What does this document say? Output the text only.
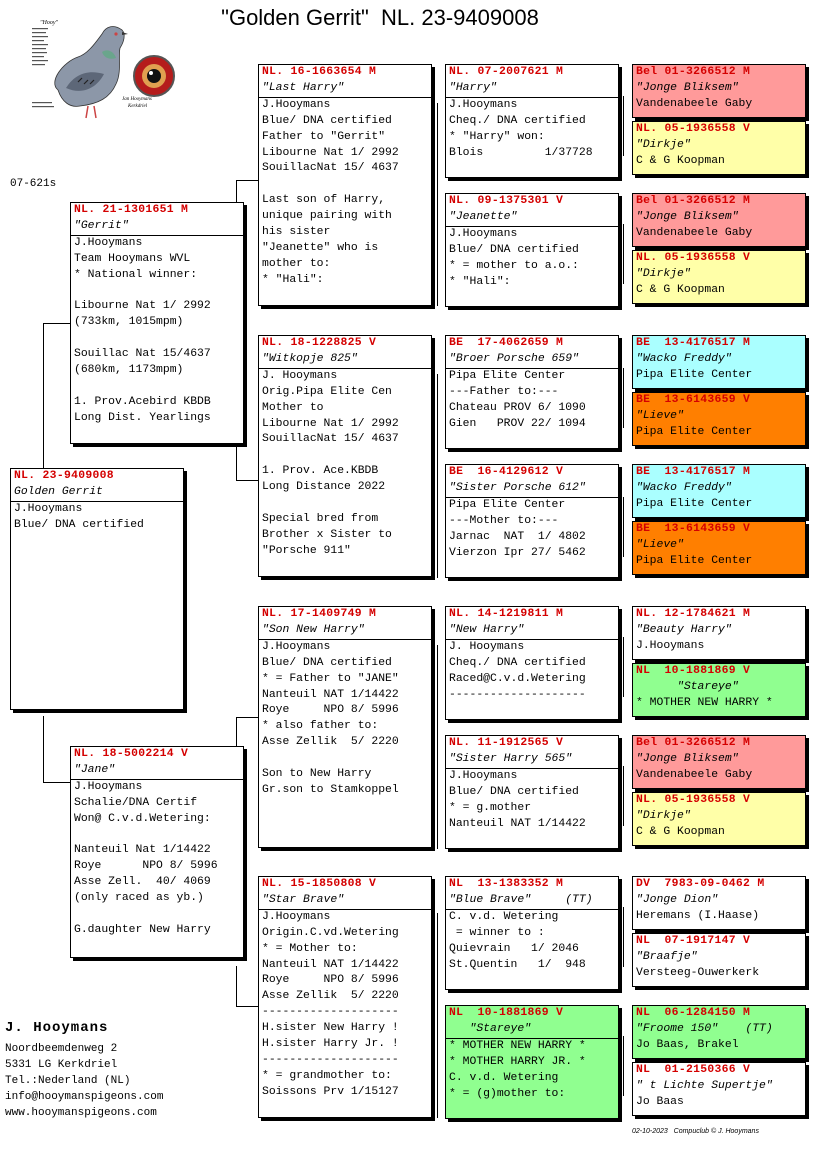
"Golden Gerrit"  NL. 23-9409008
07-621s
"Hooy"
Jan Hooymans
Kerkdriel
NL. 23-9409008
Golden Gerrit
J.Hooymans
Blue/ DNA certified
NL. 21-1301651 M
"Gerrit"
J.Hooymans
Team Hooymans WVL
* National winner:
Libourne Nat 1/ 2992
(733km, 1015mpm)
Souillac Nat 15/4637
(680km, 1173mpm)
1. Prov.Acebird KBDB
Long Dist. Yearlings
NL. 18-5002214 V
"Jane"
J.Hooymans
Schalie/DNA Certif
Won@ C.v.d.Wetering:
Nanteuil Nat 1/14422
Roye      NPO 8/ 5996
Asse Zell.  40/ 4069
(only raced as yb.)
G.daughter New Harry
NL. 16-1663654 M
"Last Harry"
J.Hooymans
Blue/ DNA certified
Father to "Gerrit"
Libourne Nat 1/ 2992
SouillacNat 15/ 4637
Last son of Harry,
unique pairing with
his sister
"Jeanette" who is
mother to:
* "Hali":
NL. 18-1228825 V
"Witkopje 825"
J. Hooymans
Orig.Pipa Elite Cen
Mother to
Libourne Nat 1/ 2992
SouillacNat 15/ 4637
1. Prov. Ace.KBDB
Long Distance 2022
Special bred from
Brother x Sister to
"Porsche 911"
NL. 17-1409749 M
"Son New Harry"
J.Hooymans
Blue/ DNA certified
* = Father to "JANE"
Nanteuil NAT 1/14422
Roye     NPO 8/ 5996
* also father to:
Asse Zellik  5/ 2220
Son to New Harry
Gr.son to Stamkoppel
NL. 15-1850808 V
"Star Brave"
J.Hooymans
Origin.C.vd.Wetering
* = Mother to:
Nanteuil NAT 1/14422
Roye     NPO 8/ 5996
Asse Zellik  5/ 2220
--------------------
H.sister New Harry !
H.sister Harry Jr. !
--------------------
* = grandmother to:
Soissons Prv 1/15127
NL. 07-2007621 M
"Harry"
J.Hooymans
Cheq./ DNA certified
* "Harry" won:
Blois         1/37728
NL. 09-1375301 V
"Jeanette"
J.Hooymans
Blue/ DNA certified
* = mother to a.o.:
* "Hali":
BE  17-4062659 M
"Broer Porsche 659"
Pipa Elite Center
---Father to:---
Chateau PROV 6/ 1090
Gien   PROV 22/ 1094
BE  16-4129612 V
"Sister Porsche 612"
Pipa Elite Center
---Mother to:---
Jarnac  NAT  1/ 4802
Vierzon Ipr 27/ 5462
NL. 14-1219811 M
"New Harry"
J. Hooymans
Cheq./ DNA certified
Raced@C.v.d.Wetering
--------------------
NL. 11-1912565 V
"Sister Harry 565"
J.Hooymans
Blue/ DNA certified
* = g.mother
Nanteuil NAT 1/14422
NL  13-1383352 M
"Blue Brave"     (TT)
C. v.d. Wetering
= winner to :
Quievrain   1/ 2046
St.Quentin   1/  948
NL  10-1881869 V
"Stareye"
* MOTHER NEW HARRY *
* MOTHER HARRY JR. *
C. v.d. Wetering
* = (g)mother to:
Bel 01-3266512 M
"Jonge Bliksem"
Vandenabeele Gaby
NL. 05-1936558 V
"Dirkje"
C & G Koopman
Bel 01-3266512 M
"Jonge Bliksem"
Vandenabeele Gaby
NL. 05-1936558 V
"Dirkje"
C & G Koopman
BE  13-4176517 M
"Wacko Freddy"
Pipa Elite Center
BE  13-6143659 V
"Lieve"
Pipa Elite Center
BE  13-4176517 M
"Wacko Freddy"
Pipa Elite Center
BE  13-6143659 V
"Lieve"
Pipa Elite Center
NL. 12-1784621 M
"Beauty Harry"
J.Hooymans
NL  10-1881869 V
"Stareye"
* MOTHER NEW HARRY *
Bel 01-3266512 M
"Jonge Bliksem"
Vandenabeele Gaby
NL. 05-1936558 V
"Dirkje"
C & G Koopman
DV  7983-09-0462 M
"Jonge Dion"
Heremans (I.Haase)
NL  07-1917147 V
"Braafje"
Versteeg-Ouwerkerk
NL  06-1284150 M
"Froome 150"    (TT)
Jo Baas, Brakel
NL  01-2150366 V
" t Lichte Supertje"
Jo Baas
J. Hooymans
Noordbeemdenweg 2
5331 LG Kerkdriel
Tel.:Nederland (NL)
info@hooymanspigeons.com
www.hooymanspigeons.com
02-10-2023   Compuclub © J. Hooymans
